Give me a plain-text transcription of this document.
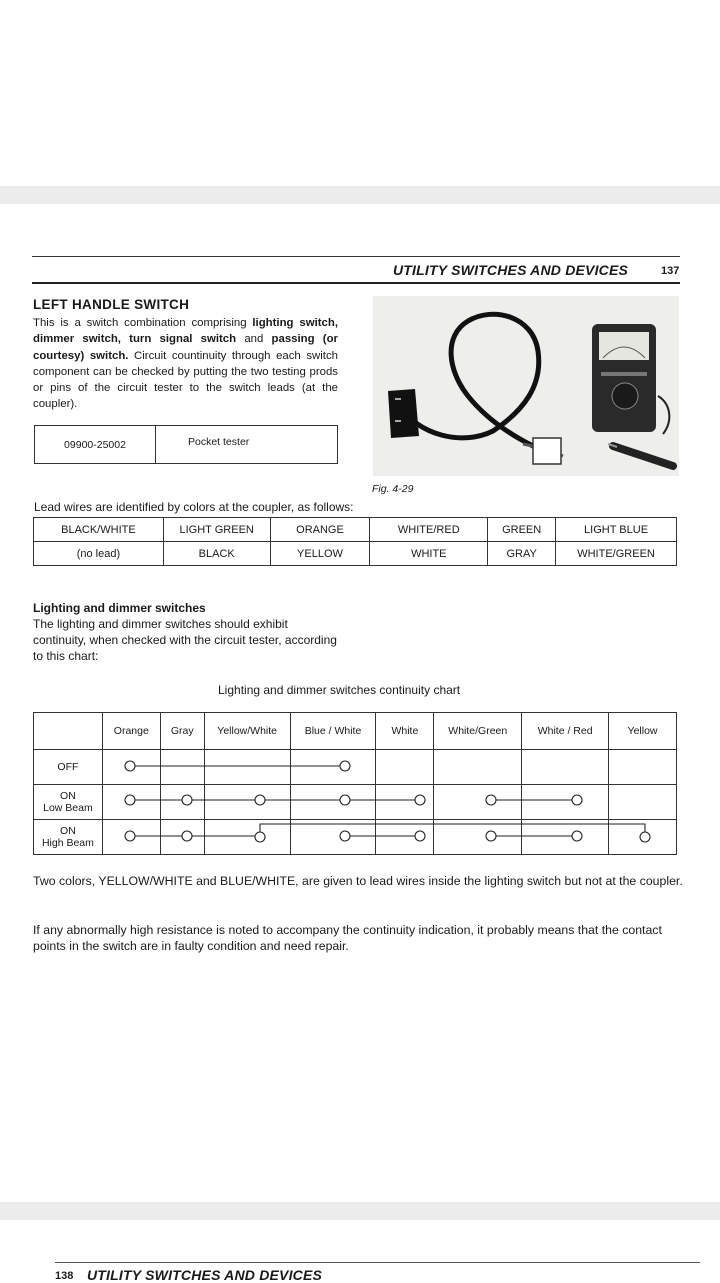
UTILITY SWITCHES AND DEVICES	137
LEFT HANDLE SWITCH
This is a switch combination comprising lighting switch, dimmer switch, turn signal switch and passing (or courtesy) switch. Circuit countinuity through each switch component can be checked by putting the two testing prods or pins of the circuit tester to the switch leads (at the coupler).
09900-25002	Pocket tester
Fig. 4-29
Lead wires are identified by colors at the coupler, as follows:
BLACK/WHITE	LIGHT GREEN	ORANGE	WHITE/RED	GREEN	LIGHT BLUE
(no lead)	BLACK	YELLOW	WHITE	GRAY	WHITE/GREEN
Lighting and dimmer switches
The lighting and dimmer switches should exhibit continuity, when checked with the circuit tester, according to this chart:
Lighting and dimmer switches continuity chart
	Orange	Gray	Yellow/White	Blue / White	White	White/Green	White / Red	Yellow
OFF								
ON
Low Beam								
ON
High Beam								
Two colors, YELLOW/WHITE and BLUE/WHITE, are given to lead wires inside the lighting switch but not at the coupler.
If any abnormally high resistance is noted to accompany the continuity indication, it probably means that the contact points in the switch are in faulty condition and need repair.
138 UTILITY SWITCHES AND DEVICES
